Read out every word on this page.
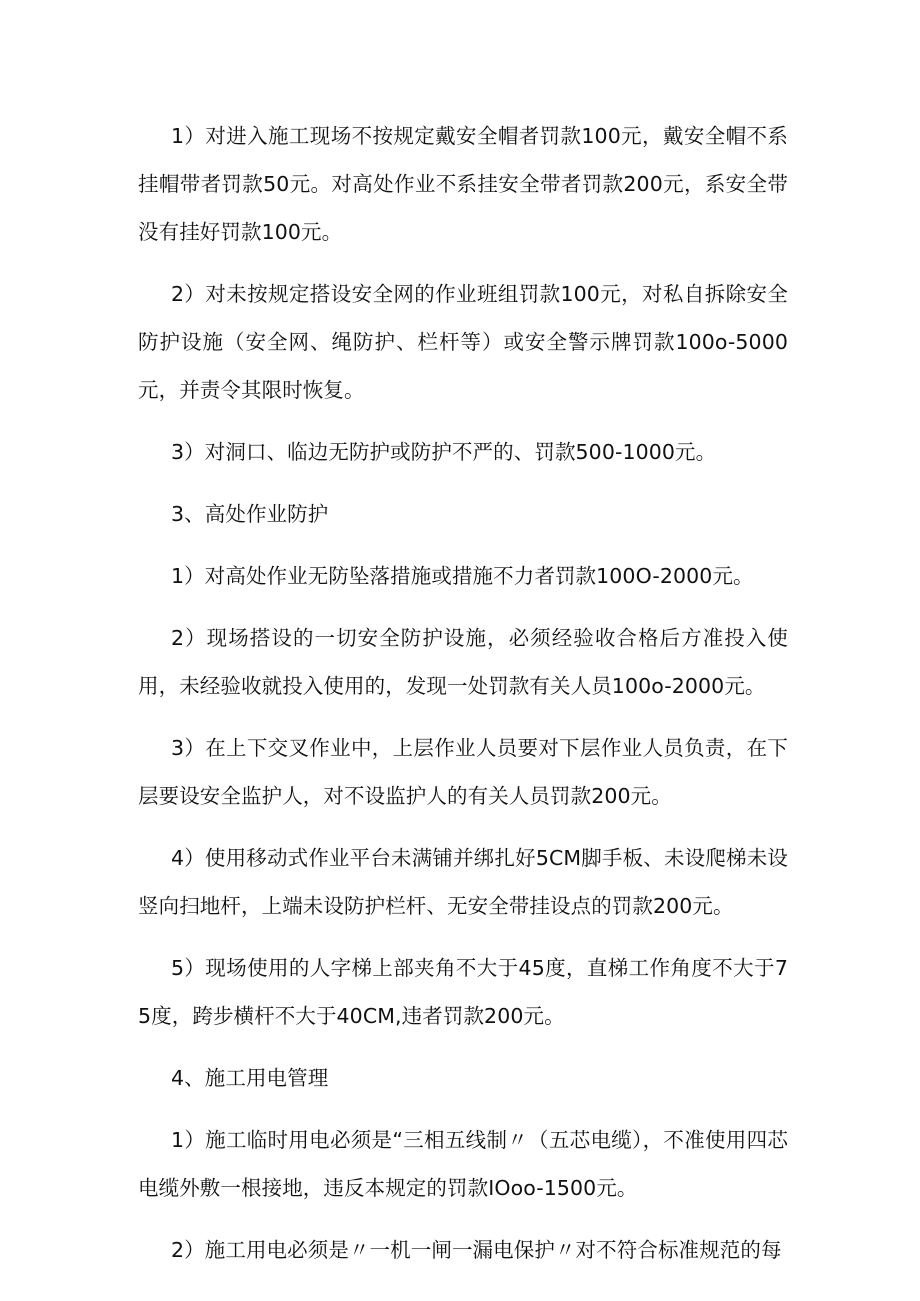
1）对进入施工现场不按规定戴安全帽者罚款100元，戴安全帽不系挂帽带者罚款50元。对高处作业不系挂安全带者罚款200元，系安全带没有挂好罚款100元。

2）对未按规定搭设安全网的作业班组罚款100元，对私自拆除安全防护设施（安全网、绳防护、栏杆等）或安全警示牌罚款100o-5000元，并责令其限时恢复。

3）对洞口、临边无防护或防护不严的、罚款500-1000元。

3、高处作业防护

1）对高处作业无防坠落措施或措施不力者罚款100O-2000元。

2）现场搭设的一切安全防护设施，必须经验收合格后方准投入使用，未经验收就投入使用的，发现一处罚款有关人员100o-2000元。

3）在上下交叉作业中，上层作业人员要对下层作业人员负责，在下层要设安全监护人，对不设监护人的有关人员罚款200元。

4）使用移动式作业平台未满铺并绑扎好5CM脚手板、未设爬梯未设竖向扫地杆，上端未设防护栏杆、无安全带挂设点的罚款200元。

5）现场使用的人字梯上部夹角不大于45度，直梯工作角度不大于75度，跨步横杆不大于40CM,违者罚款200元。

4、施工用电管理

1）施工临时用电必须是“三相五线制〃（五芯电缆），不准使用四芯电缆外敷一根接地，违反本规定的罚款IOoo-1500元。

2）施工用电必须是〃一机一闸一漏电保护〃对不符合标准规范的每
